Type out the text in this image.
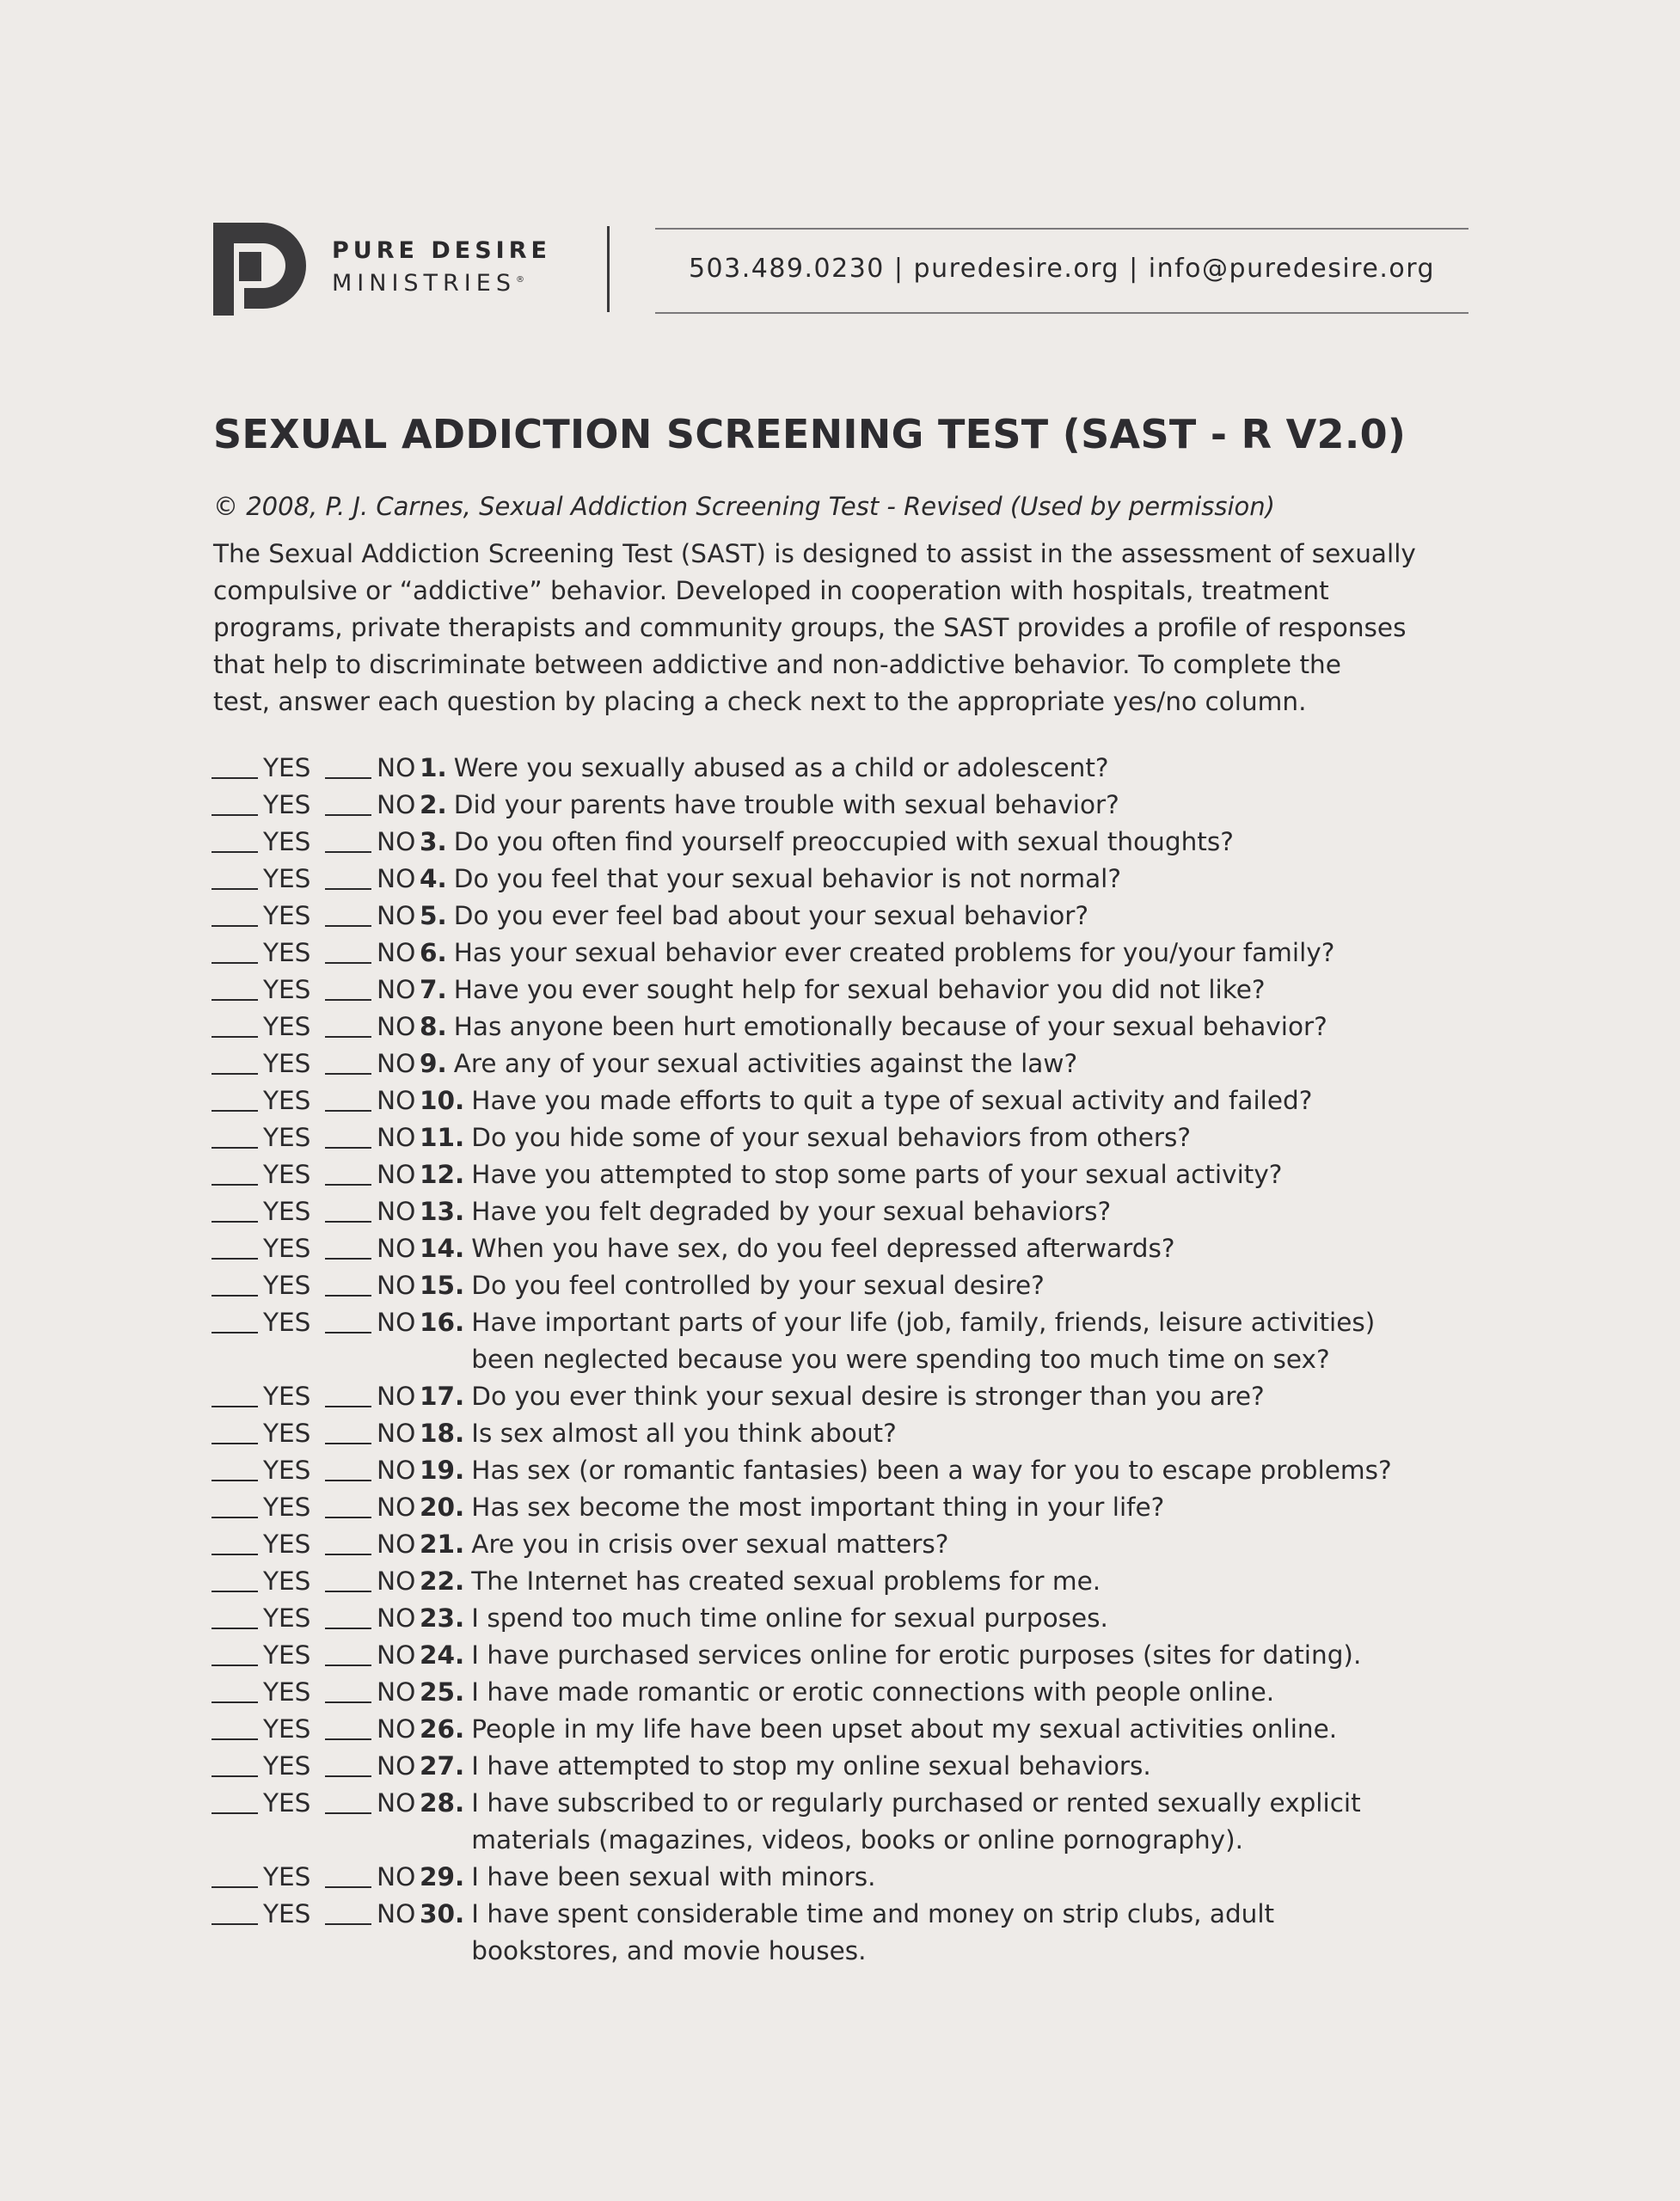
PURE DESIRE
MINISTRIES®	503.489.0230 | puredesire.org | info@puredesire.org
SEXUAL ADDICTION SCREENING TEST (SAST - R V2.0)
© 2008, P. J. Carnes, Sexual Addiction Screening Test - Revised (Used by permission)
The Sexual Addiction Screening Test (SAST) is designed to assist in the assessment of sexually
compulsive or “addictive” behavior. Developed in cooperation with hospitals, treatment
programs, private therapists and community groups, the SAST provides a profile of responses
that help to discriminate between addictive and non-addictive behavior. To complete the
test, answer each question by placing a check next to the appropriate yes/no column.
YES	NO 1. Were you sexually abused as a child or adolescent?
YES	NO 2. Did your parents have trouble with sexual behavior?
YES	NO 3. Do you often find yourself preoccupied with sexual thoughts?
YES	NO 4. Do you feel that your sexual behavior is not normal?
YES	NO 5. Do you ever feel bad about your sexual behavior?
YES	NO 6. Has your sexual behavior ever created problems for you/your family?
YES	NO 7. Have you ever sought help for sexual behavior you did not like?
YES	NO 8. Has anyone been hurt emotionally because of your sexual behavior?
YES	NO 9. Are any of your sexual activities against the law?
YES	NO 10. Have you made efforts to quit a type of sexual activity and failed?
YES	NO 11. Do you hide some of your sexual behaviors from others?
YES	NO 12. Have you attempted to stop some parts of your sexual activity?
YES	NO 13. Have you felt degraded by your sexual behaviors?
YES	NO 14. When you have sex, do you feel depressed afterwards?
YES	NO 15. Do you feel controlled by your sexual desire?
YES	NO 16. Have important parts of your life (job, family, friends, leisure activities)
been neglected because you were spending too much time on sex?
YES	NO 17. Do you ever think your sexual desire is stronger than you are?
YES	NO 18. Is sex almost all you think about?
YES	NO 19. Has sex (or romantic fantasies) been a way for you to escape problems?
YES	NO 20. Has sex become the most important thing in your life?
YES	NO 21. Are you in crisis over sexual matters?
YES	NO 22. The Internet has created sexual problems for me.
YES	NO 23. I spend too much time online for sexual purposes.
YES	NO 24. I have purchased services online for erotic purposes (sites for dating).
YES	NO 25. I have made romantic or erotic connections with people online.
YES	NO 26. People in my life have been upset about my sexual activities online.
YES	NO 27. I have attempted to stop my online sexual behaviors.
YES	NO 28. I have subscribed to or regularly purchased or rented sexually explicit
materials (magazines, videos, books or online pornography).
YES	NO 29. I have been sexual with minors.
YES	NO 30. I have spent considerable time and money on strip clubs, adult
bookstores, and movie houses.
